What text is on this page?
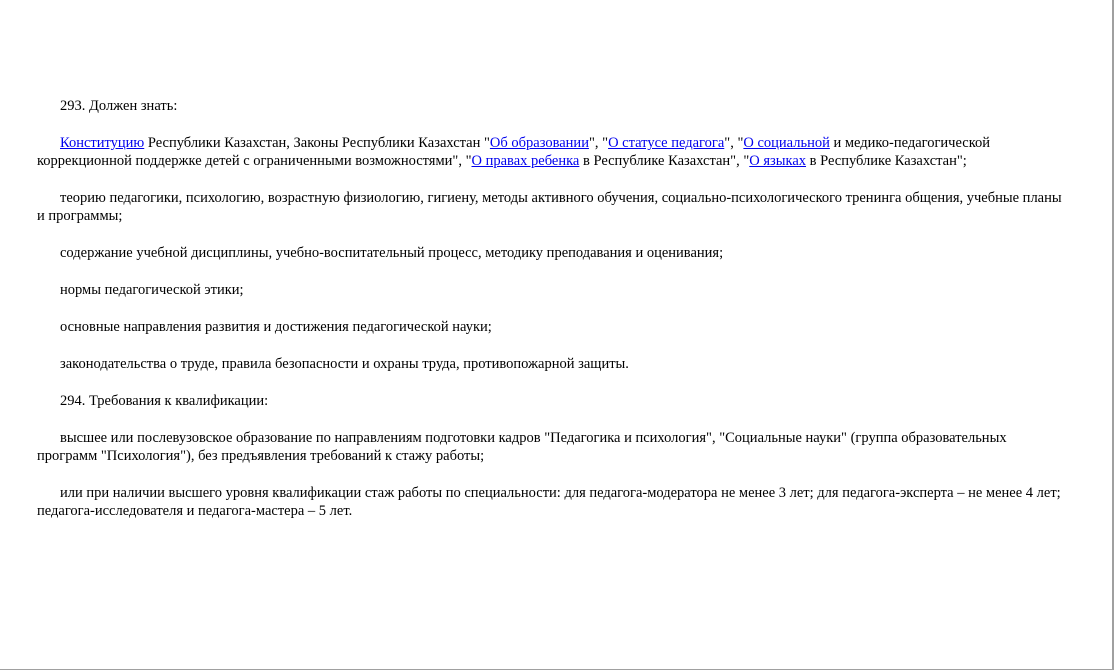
293. Должен знать:

Конституцию Республики Казахстан, Законы Республики Казахстан "Об образовании", "О статусе педагога", "О социальной и медико-педагогической коррекционной поддержке детей с ограниченными возможностями", "О правах ребенка в Республике Казахстан", "О языках в Республике Казахстан";

теорию педагогики, психологию, возрастную физиологию, гигиену, методы активного обучения, социально-психологического тренинга общения, учебные планы и программы;

содержание учебной дисциплины, учебно-воспитательный процесс, методику преподавания и оценивания;

нормы педагогической этики;

основные направления развития и достижения педагогической науки;

законодательства о труде, правила безопасности и охраны труда, противопожарной защиты.

294. Требования к квалификации:

высшее или послевузовское образование по направлениям подготовки кадров "Педагогика и психология", "Социальные науки" (группа образовательных программ "Психология"), без предъявления требований к стажу работы;

или при наличии высшего уровня квалификации стаж работы по специальности: для педагога-модератора не менее 3 лет; для педагога-эксперта – не менее 4 лет; педагога-исследователя и педагога-мастера – 5 лет.
